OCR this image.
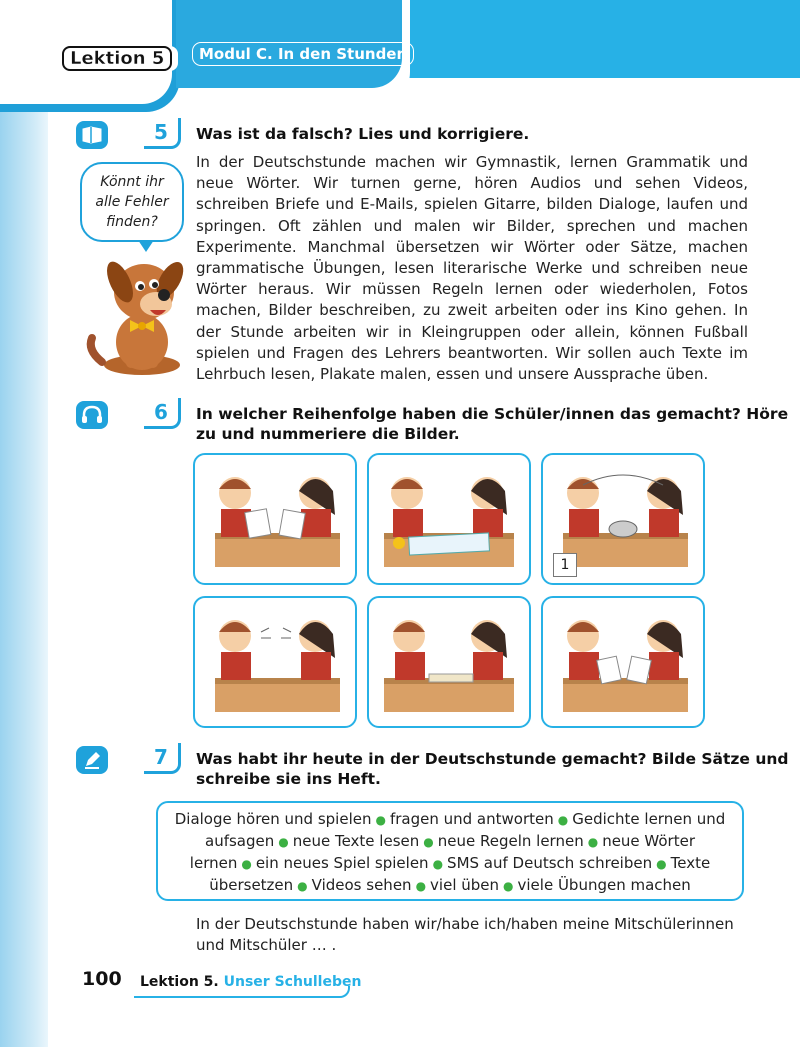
Lektion 5	Modul C. In den Stunden
5	Was ist da falsch? Lies und korrigiere.
In der Deutschstunde machen wir Gymnastik, lernen Grammatik und neue Wörter. Wir turnen gerne, hören Audios und sehen Videos, schreiben Briefe und E-Mails, spielen Gitarre, bilden Dialoge, laufen und springen. Oft zählen und malen wir Bilder, sprechen und machen Experimente. Manchmal übersetzen wir Wörter oder Sätze, machen grammatische Übungen, lesen literarische Werke und schreiben neue Wörter heraus. Wir müssen Regeln lernen oder wiederholen, Fotos machen, Bilder beschreiben, zu zweit arbeiten oder ins Kino gehen. In der Stunde arbeiten wir in Kleingruppen oder allein, können Fußball spielen und Fragen des Lehrers beantworten. Wir sollen auch Texte im Lehrbuch lesen, Plakate malen, essen und unsere Aussprache üben.
Könnt ihr
alle Fehler
finden?
6	In welcher Reihenfolge haben die Schüler/innen das gemacht? Höre
zu und nummeriere die Bilder.
1
7	Was habt ihr heute in der Deutschstunde gemacht? Bilde Sätze und
schreibe sie ins Heft.
Dialoge hören und spielen ● fragen und antworten ● Gedichte lernen und aufsagen ● neue Texte lesen ● neue Regeln lernen ● neue Wörter lernen ● ein neues Spiel spielen ● SMS auf Deutsch schreiben ● Texte übersetzen ● Videos sehen ● viel üben ● viele Übungen machen
In der Deutschstunde haben wir/habe ich/haben meine Mitschülerinnen und Mitschüler … .
100 Lektion 5. Unser Schulleben
